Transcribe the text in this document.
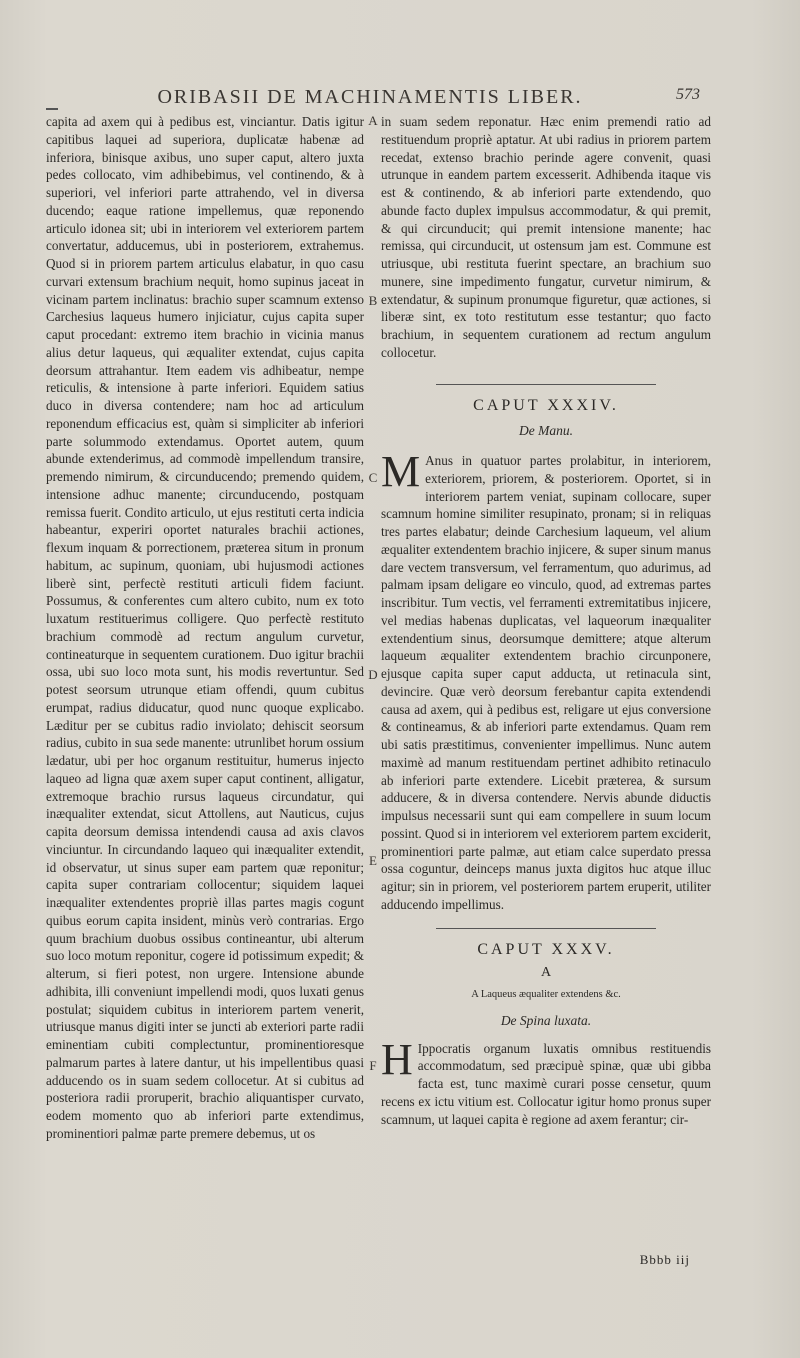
ORIBASII DE MACHINAMENTIS LIBER.	573

capita ad axem qui à pedibus est, vinciantur. Datis igitur capitibus laquei ad superiora, duplicatæ habenæ ad inferiora, binisque axibus, uno super caput, altero juxta pedes collocato, vim adhibebimus, vel continendo, & à superiori, vel inferiori parte attrahendo, vel in diversa ducendo; eaque ratione impellemus, quæ reponendo articulo idonea sit; ubi in interiorem vel exteriorem partem convertatur, adducemus, ubi in posteriorem, extrahemus. Quod si in priorem partem articulus elabatur, in quo casu curvari extensum brachium nequit, homo supinus jaceat in vicinam partem inclinatus: brachio super scamnum extenso Carchesius laqueus humero injiciatur, cujus capita super caput procedant: extremo item brachio in vicinia manus alius detur laqueus, qui æqualiter extendat, cujus capita deorsum attrahantur. Item eadem vis adhibeatur, nempe reticulis, & intensione à parte inferiori. Equidem satius duco in diversa contendere; nam hoc ad articulum reponendum efficacius est, quàm si simpliciter ab inferiori parte solummodo extendamus. Oportet autem, quum abunde extenderimus, ad commodè impellendum transire, premendo nimirum, & circunducendo; premendo quidem, intensione adhuc manente; circunducendo, postquam remissa fuerit. Condito articulo, ut ejus restituti certa indicia habeantur, experiri oportet naturales brachii actiones, flexum inquam & porrectionem, præterea situm in pronum habitum, ac supinum, quoniam, ubi hujusmodi actiones liberè sint, perfectè restituti articuli fidem faciunt. Possumus, & conferentes cum altero cubito, num ex toto luxatum restituerimus colligere. Quo perfectè restituto brachium commodè ad rectum angulum curvetur, contineaturque in sequentem curationem. Duo igitur brachii ossa, ubi suo loco mota sunt, his modis revertuntur. Sed potest seorsum utrunque etiam offendi, quum cubitus erumpat, radius diducatur, quod nunc quoque explicabo. Læditur per se cubitus radio inviolato; dehiscit seorsum radius, cubito in sua sede manente: utrunlibet horum ossium lædatur, ubi per hoc organum restituitur, humerus injecto laqueo ad ligna quæ axem super caput continent, alligatur, extremoque brachio rursus laqueus circundatur, qui inæqualiter extendat, sicut Attollens, aut Nauticus, cujus capita deorsum demissa intendendi causa ad axis clavos vinciuntur. In circundando laqueo qui inæqualiter extendit, id observatur, ut sinus super eam partem quæ reponitur; capita super contrariam collocentur; siquidem laquei inæqualiter extendentes propriè illas partes magis cogunt quibus eorum capita insident, minùs verò contrarias. Ergo quum brachium duobus ossibus contineantur, ubi alterum suo loco motum reponitur, cogere id potissimum expedit; & alterum, si fieri potest, non urgere. Intensione abunde adhibita, illi conveniunt impellendi modi, quos luxati genus postulat; siquidem cubitus in interiorem partem venerit, utriusque manus digiti inter se juncti ab exteriori parte radii eminentiam cubiti complectuntur, prominentioresque palmarum partes à latere dantur, ut his impellentibus quasi adducendo os in suam sedem collocetur. At si cubitus ad posteriora radii proruperit, brachio aliquantisper curvato, eodem momento quo ab inferiori parte extendimus, prominentiori palmæ parte premere debemus, ut os

A
B
C
D
E
F

in suam sedem reponatur. Hæc enim premendi ratio ad restituendum propriè aptatur. At ubi radius in priorem partem recedat, extenso brachio perinde agere convenit, quasi utrunque in eandem partem excesserit. Adhibenda itaque vis est & continendo, & ab inferiori parte extendendo, quo abunde facto duplex impulsus accommodatur, & qui premit, & qui circunducit; qui premit intensione manente; hac remissa, qui circunducit, ut ostensum jam est. Commune est utriusque, ubi restituta fuerint spectare, an brachium suo munere, sine impedimento fungatur, curvetur nimirum, & extendatur, & supinum pronumque figuretur, quæ actiones, si liberæ sint, ex toto restitutum esse testantur; quo facto brachium, in sequentem curationem ad rectum angulum collocetur.

CAPUT XXXIV.

De Manu.

M Anus in quatuor partes prolabitur, in interiorem, exteriorem, priorem, & posteriorem. Oportet, si in interiorem partem veniat, supinam collocare, super scamnum homine similiter resupinato, pronam; si in reliquas tres partes elabatur; deinde Carchesium laqueum, vel alium æqualiter extendentem brachio injicere, & super sinum manus dare vectem transversum, vel ferramentum, quo adurimus, ad palmam ipsam deligare eo vinculo, quod, ad extremas partes inscribitur. Tum vectis, vel ferramenti extremitatibus injicere, vel medias habenas duplicatas, vel laqueorum inæqualiter extendentium sinus, deorsumque demittere; atque alterum laqueum æqualiter extendentem brachio circunponere, ejusque capita super caput adducta, ut retinacula sint, devincire. Quæ verò deorsum ferebantur capita extendendi causa ad axem, qui à pedibus est, religare ut ejus conversione & contineamus, & ab inferiori parte extendamus. Quam rem ubi satis præstitimus, convenienter impellimus. Nunc autem maximè ad manum restituendam pertinet adhibito retinaculo ab inferiori parte extendere. Licebit præterea, & sursum adducere, & in diversa contendere. Nervis abunde diductis impulsus necessarii sunt qui eam compellere in suum locum possint. Quod si in interiorem vel exteriorem partem exciderit, prominentiori parte palmæ, aut etiam calce superdato pressa ossa coguntur, deinceps manus juxta digitos huc atque illuc agitur; sin in priorem, vel posteriorem partem eruperit, utiliter adducendo impellimus.

CAPUT XXXV.

A

A Laqueus æqualiter extendens &c.

De Spina luxata.

H Ippocratis organum luxatis omnibus restituendis accommodatum, sed præcipuè spinæ, quæ ubi gibba facta est, tunc maximè curari posse censetur, quum recens ex ictu vitium est. Collocatur igitur homo pronus super scamnum, ut laquei capita è regione ad axem ferantur; cir-

Bbbb iij
